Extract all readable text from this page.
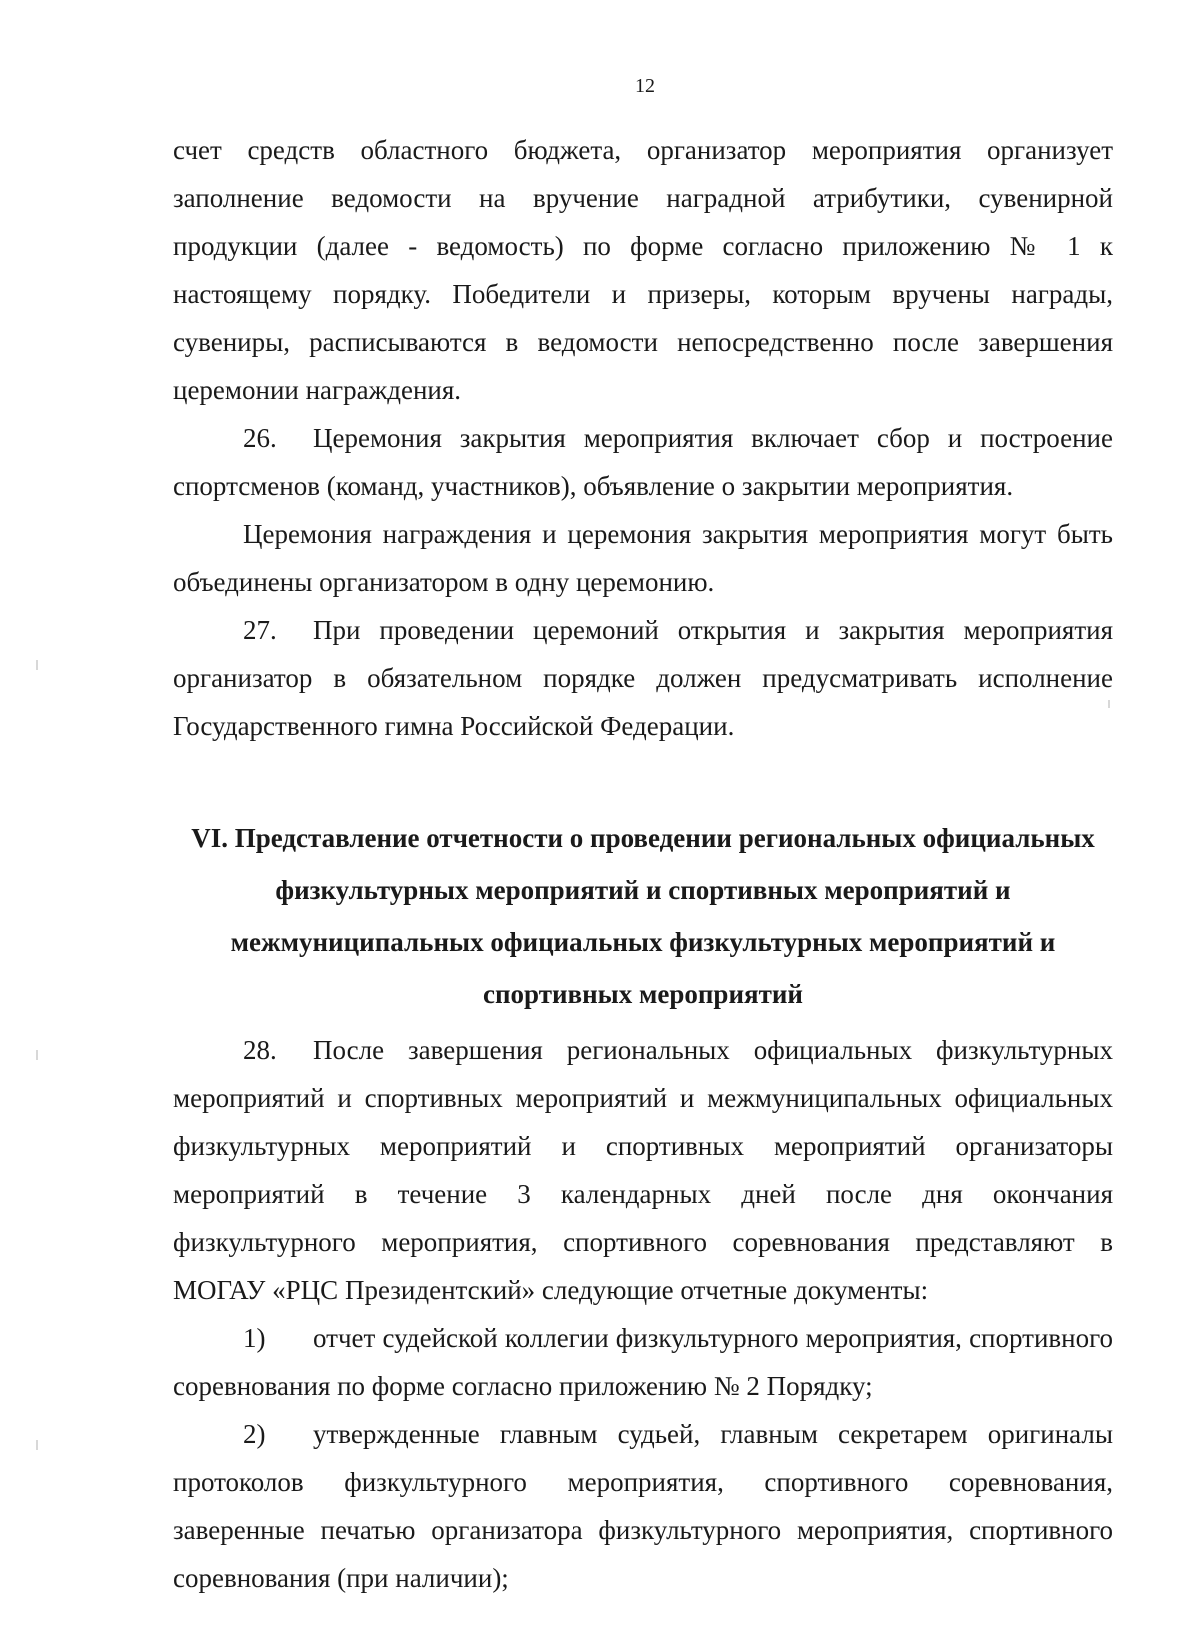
12

счет средств областного бюджета, организатор мероприятия организует заполнение ведомости на вручение наградной атрибутики, сувенирной продукции (далее - ведомость) по форме согласно приложению № 1 к настоящему порядку. Победители и призеры, которым вручены награды, сувениры, расписываются в ведомости непосредственно после завершения церемонии награждения.

26. Церемония закрытия мероприятия включает сбор и построение спортсменов (команд, участников), объявление о закрытии мероприятия.

Церемония награждения и церемония закрытия мероприятия могут быть объединены организатором в одну церемонию.

27. При проведении церемоний открытия и закрытия мероприятия организатор в обязательном порядке должен предусматривать исполнение Государственного гимна Российской Федерации.

VI. Представление отчетности о проведении региональных официальных физкультурных мероприятий и спортивных мероприятий и межмуниципальных официальных физкультурных мероприятий и спортивных мероприятий

28. После завершения региональных официальных физкультурных мероприятий и спортивных мероприятий и межмуниципальных официальных физкультурных мероприятий и спортивных мероприятий организаторы мероприятий в течение 3 календарных дней после дня окончания физкультурного мероприятия, спортивного соревнования представляют в МОГАУ «РЦС Президентский» следующие отчетные документы:

1) отчет судейской коллегии физкультурного мероприятия, спортивного соревнования по форме согласно приложению № 2 Порядку;

2) утвержденные главным судьей, главным секретарем оригиналы протоколов физкультурного мероприятия, спортивного соревнования, заверенные печатью организатора физкультурного мероприятия, спортивного соревнования (при наличии);
